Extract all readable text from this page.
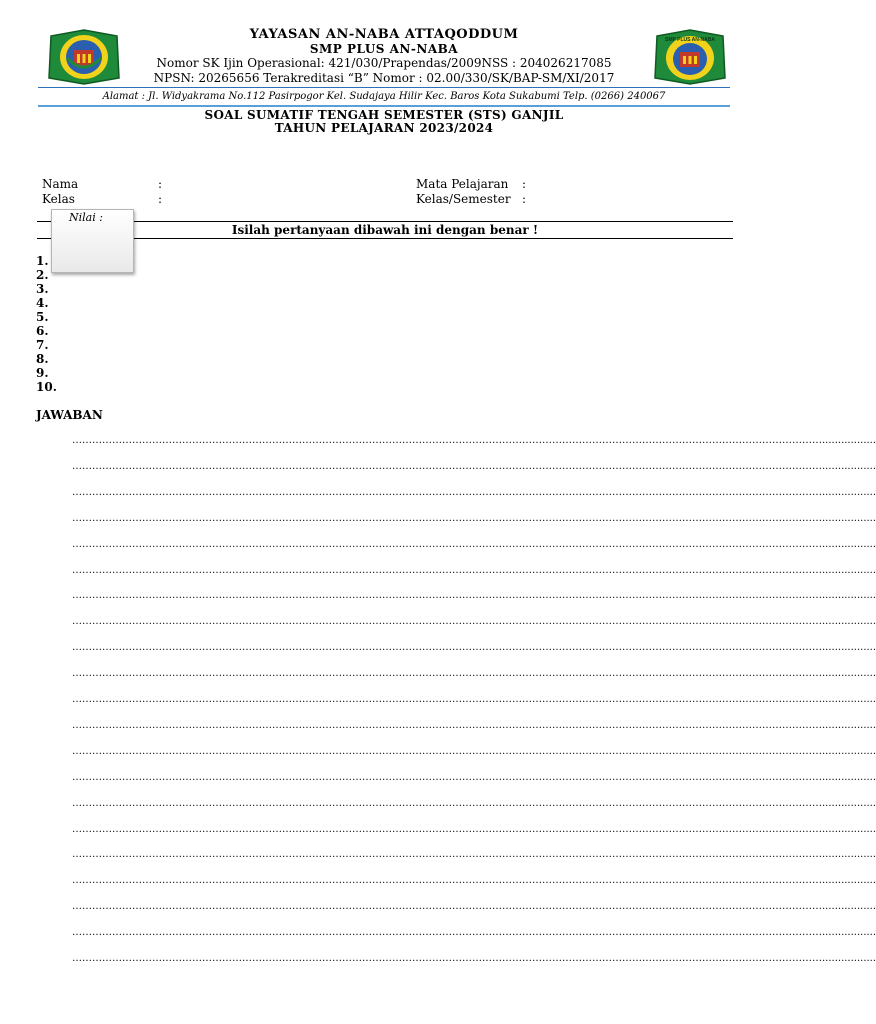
SMP PLUS AN-NABA
YAYASAN AN-NABA ATTAQODDUM
SMP PLUS AN-NABA
Nomor SK Ijin Operasional: 421/030/Prapendas/2009NSS : 204026217085
NPSN: 20265656 Terakreditasi “B” Nomor : 02.00/330/SK/BAP-SM/XI/2017
Alamat : Jl. Widyakrama No.112 Pasirpogor Kel. Sudajaya Hilir Kec. Baros Kota Sukabumi Telp. (0266) 240067
SOAL SUMATIF TENGAH SEMESTER (STS) GANJIL
TAHUN PELAJARAN 2023/2024
Nama	:
Kelas	:
Mata Pelajaran :
Kelas/Semester :
Isilah pertanyaan dibawah ini dengan benar !
Nilai :
1.
2.
3.
4.
5.
6.
7.
8.
9.
10.
JAWABAN
……………………………………………………………………………………………………………………………………………………………………………………………………….................
……………………………………………………………………………………………………………………………………………………………………………………………………….................
……………………………………………………………………………………………………………………………………………………………………………………………………….................
……………………………………………………………………………………………………………………………………………………………………………………………………….................
……………………………………………………………………………………………………………………………………………………………………………………………………….................
……………………………………………………………………………………………………………………………………………………………………………………………………….................
……………………………………………………………………………………………………………………………………………………………………………………………………….................
……………………………………………………………………………………………………………………………………………………………………………………………………….................
……………………………………………………………………………………………………………………………………………………………………………………………………….................
……………………………………………………………………………………………………………………………………………………………………………………………………….................
……………………………………………………………………………………………………………………………………………………………………………………………………….................
……………………………………………………………………………………………………………………………………………………………………………………………………….................
……………………………………………………………………………………………………………………………………………………………………………………………………….................
……………………………………………………………………………………………………………………………………………………………………………………………………….................
……………………………………………………………………………………………………………………………………………………………………………………………………….................
……………………………………………………………………………………………………………………………………………………………………………………………………….................
……………………………………………………………………………………………………………………………………………………………………………………………………….................
……………………………………………………………………………………………………………………………………………………………………………………………………….................
……………………………………………………………………………………………………………………………………………………………………………………………………….................
……………………………………………………………………………………………………………………………………………………………………………………………………….................
……………………………………………………………………………………………………………………………………………………………………………………………………….................
